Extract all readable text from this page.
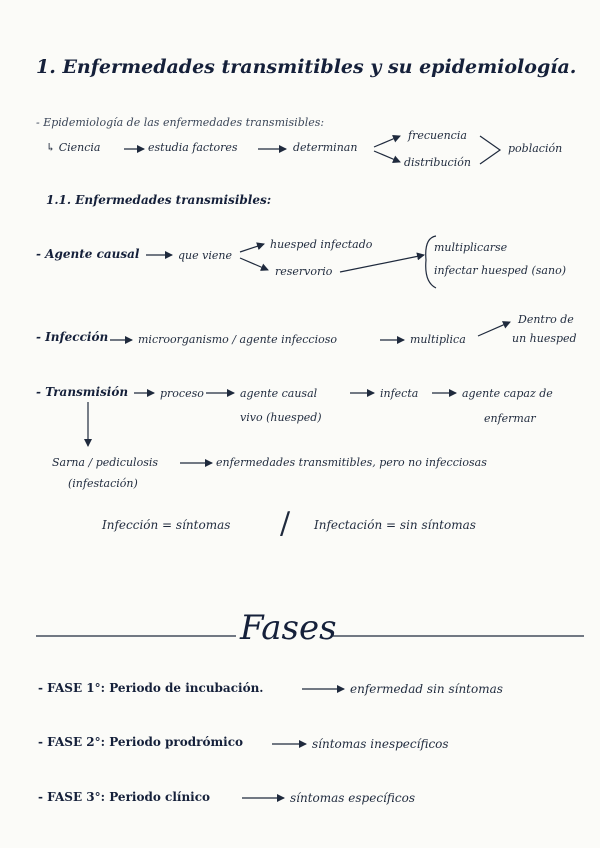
1. Enfermedades transmitibles y su epidemiología.
- Epidemiología de las enfermedades transmisibles:
↳ Ciencia	estudia factores	determinan
frecuencia
distribución
población
1.1. Enfermedades transmisibles:
- Agente causal	que viene
huesped infectado
reservorio
multiplicarse
infectar huesped (sano)
- Infección	microorganismo / agente infeccioso	multiplica
Dentro de
un huesped
- Transmisión	proceso	agente causal
vivo (huesped)
infecta	agente capaz de
enfermar
Sarna / pediculosis	enfermedades transmitibles, pero no infecciosas
(infestación)
Infección = síntomas / Infectación = sin síntomas
Fases
- FASE 1°: Periodo de incubación.	enfermedad sin síntomas
- FASE 2°: Periodo prodrómico	síntomas inespecíficos
- FASE 3°: Periodo clínico	síntomas específicos
